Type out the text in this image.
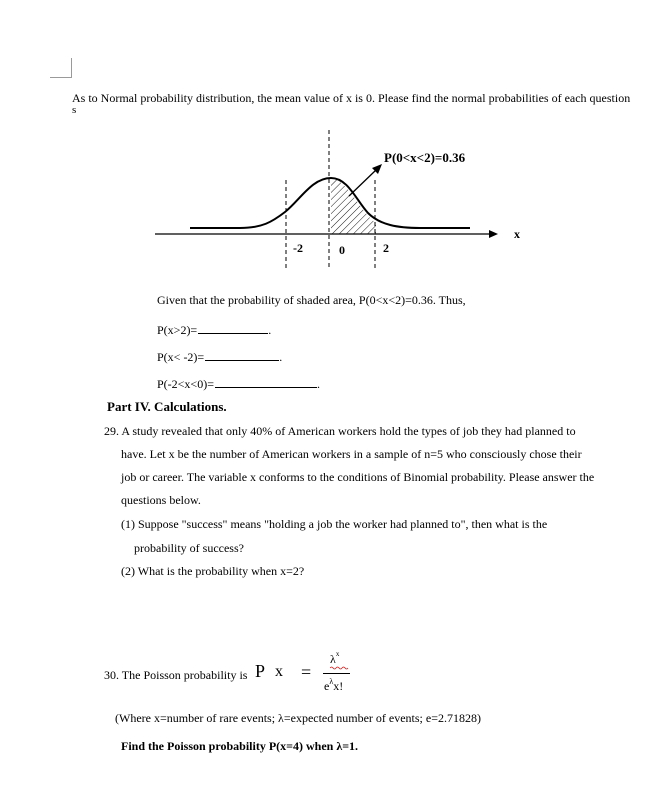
As to Normal probability distribution, the mean value of x is 0. Please find the normal probabilities of each question
s
P(0<x<2)=0.36
-2	0	2
x
Given that the probability of shaded area, P(0<x<2)=0.36. Thus,
P(x>2)=	.
P(x< -2)=	.
P(-2<x<0)=	.
Part IV. Calculations.
29. A study revealed that only 40% of American workers hold the types of job they had planned to
have. Let x be the number of American workers in a sample of n=5 who consciously chose their
job or career. The variable x conforms to the conditions of Binomial probability. Please answer the
questions below.
(1) Suppose "success" means "holding a job the worker had planned to", then what is the
probability of success?
(2) What is the probability when x=2?
30. The Poisson probability is P x =
$\lambda^x$
$e^\lambda x$!
(Where x=number of rare events; λ=expected number of events; e=2.71828)
Find the Poisson probability P(x=4) when λ=1.
